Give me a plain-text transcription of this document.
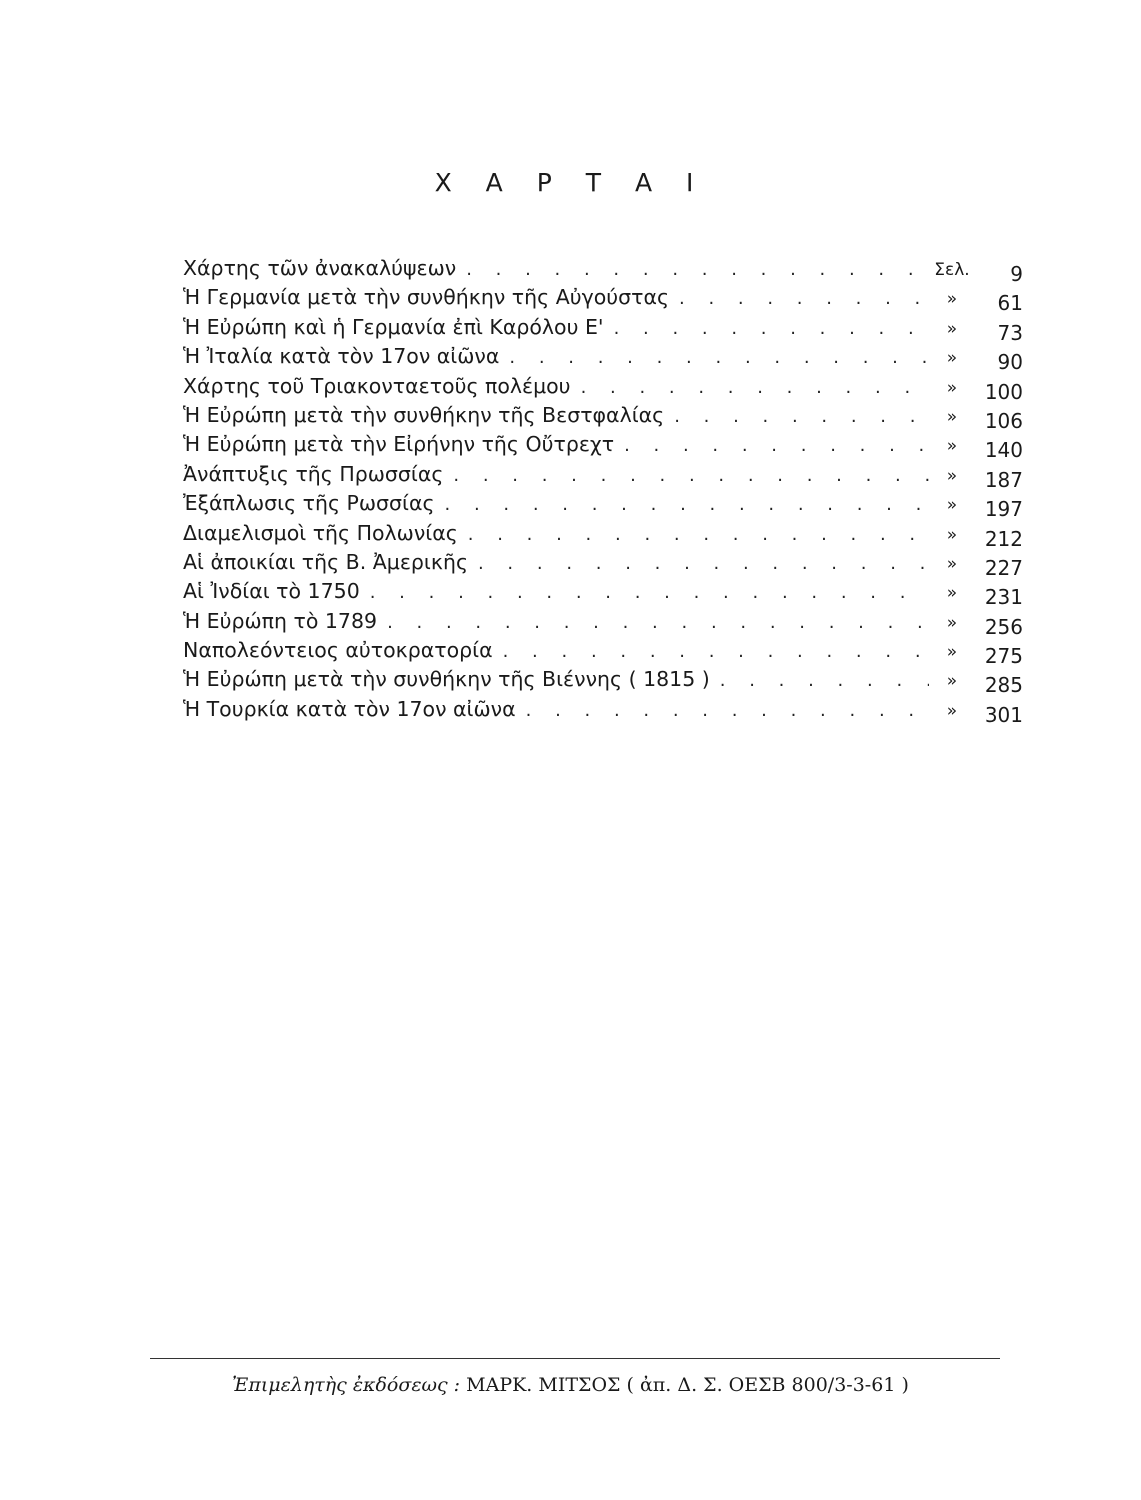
Χ Α Ρ Τ Α Ι
Χάρτης τῶν ἀνακαλύψεων . . .	Σελ.	9
Ἡ Γερμανία μετὰ τὴν συνθήκην τῆς Αὐγούστας . . .	»	61
Ἡ Εὐρώπη καὶ ἡ Γερμανία ἐπὶ Καρόλου Ε' . . .	»	73
Ἡ Ἰταλία κατὰ τὸν 17ον αἰῶνα . . .	»	90
Χάρτης τοῦ Τριακονταετοῦς πολέμου . . .	»	100
Ἡ Εὐρώπη μετὰ τὴν συνθήκην τῆς Βεστφαλίας . . .	»	106
Ἡ Εὐρώπη μετὰ τὴν Εἰρήνην τῆς Οὔτρεχτ . . .	»	140
Ἀνάπτυξις τῆς Πρωσσίας . . .	»	187
Ἐξάπλωσις τῆς Ρωσσίας . . .	»	197
Διαμελισμοὶ τῆς Πολωνίας . . .	»	212
Αἱ ἀποικίαι τῆς Β. Ἀμερικῆς . . .	»	227
Αἱ Ἰνδίαι τὸ 1750 . . .	»	231
Ἡ Εὐρώπη τὸ 1789 . . .	»	256
Ναπολεόντειος αὐτοκρατορία . . .	»	275
Ἡ Εὐρώπη μετὰ τὴν συνθήκην τῆς Βιέννης ( 1815 ) . . .	»	285
Ἡ Τουρκία κατὰ τὸν 17ον αἰῶνα . . .	»	301
Ἐπιμελητὴς ἐκδόσεως : ΜΑΡΚ. ΜΙΤΣΟΣ ( ἀπ. Δ. Σ. ΟΕΣΒ 800/3-3-61 )
